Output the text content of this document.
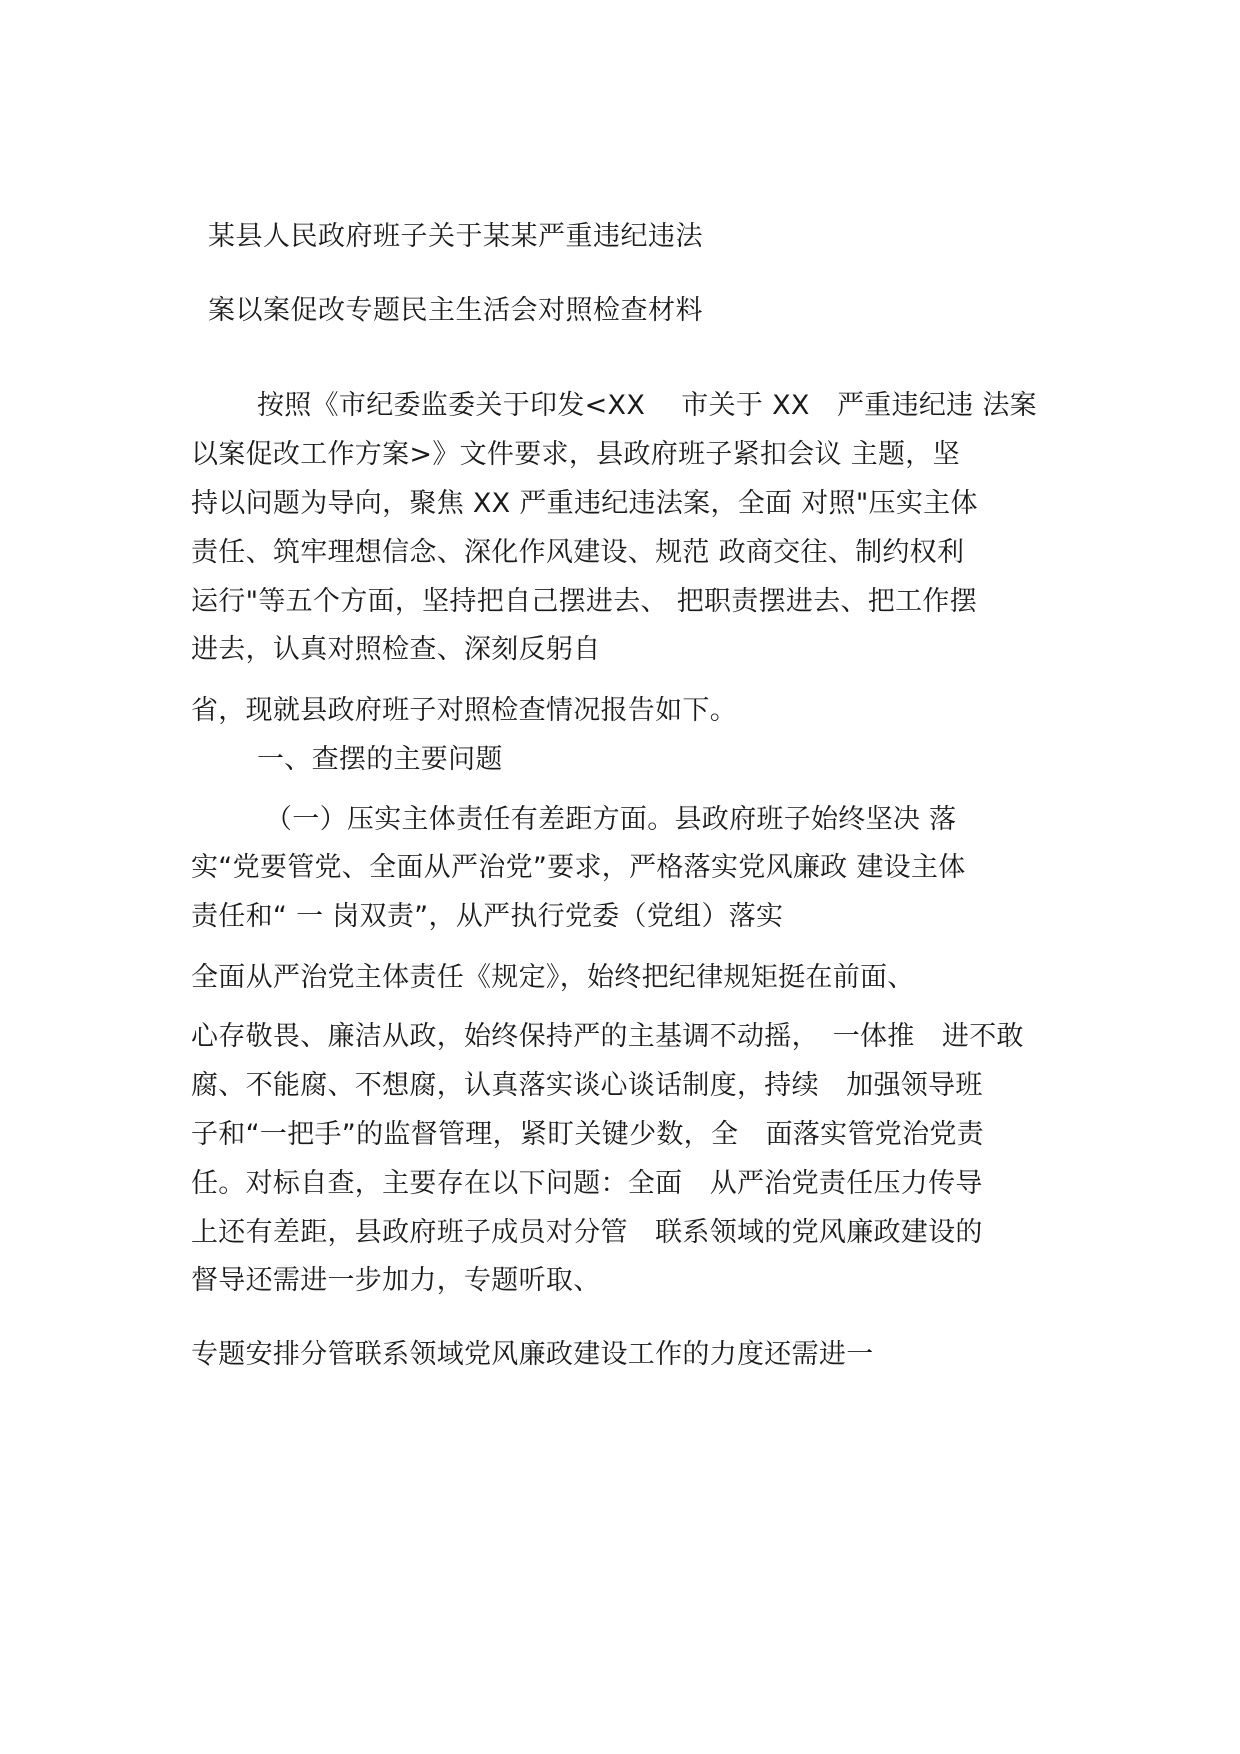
某县人民政府班子关于某某严重违纪违法
案以案促改专题民主生活会对照检查材料
按照《市纪委监委关于印发<XX　 市关于 XX　严重违纪违 法案
以案促改工作方案>》文件要求，县政府班子紧扣会议 主题，坚
持以问题为导向，聚焦 XX 严重违纪违法案，全面 对照"压实主体
责任、筑牢理想信念、深化作风建设、规范 政商交往、制约权利
运行"等五个方面，坚持把自己摆进去、 把职责摆进去、把工作摆
进去，认真对照检查、深刻反躬自
省，现就县政府班子对照检查情况报告如下。
一、查摆的主要问题
（一）压实主体责任有差距方面。县政府班子始终坚决 落
实“党要管党、全面从严治党”要求，严格落实党风廉政 建设主体
责任和“ 一 岗双责”，从严执行党委（党组）落实
全面从严治党主体责任《规定》，始终把纪律规矩挺在前面、
心存敬畏、廉洁从政，始终保持严的主基调不动摇，　一体推　进不敢
腐、不能腐、不想腐，认真落实谈心谈话制度，持续　加强领导班
子和“一把手”的监督管理，紧盯关键少数，全　面落实管党治党责
任。对标自查，主要存在以下问题：全面　从严治党责任压力传导
上还有差距，县政府班子成员对分管　联系领域的党风廉政建设的
督导还需进一步加力，专题听取、
专题安排分管联系领域党风廉政建设工作的力度还需进一
